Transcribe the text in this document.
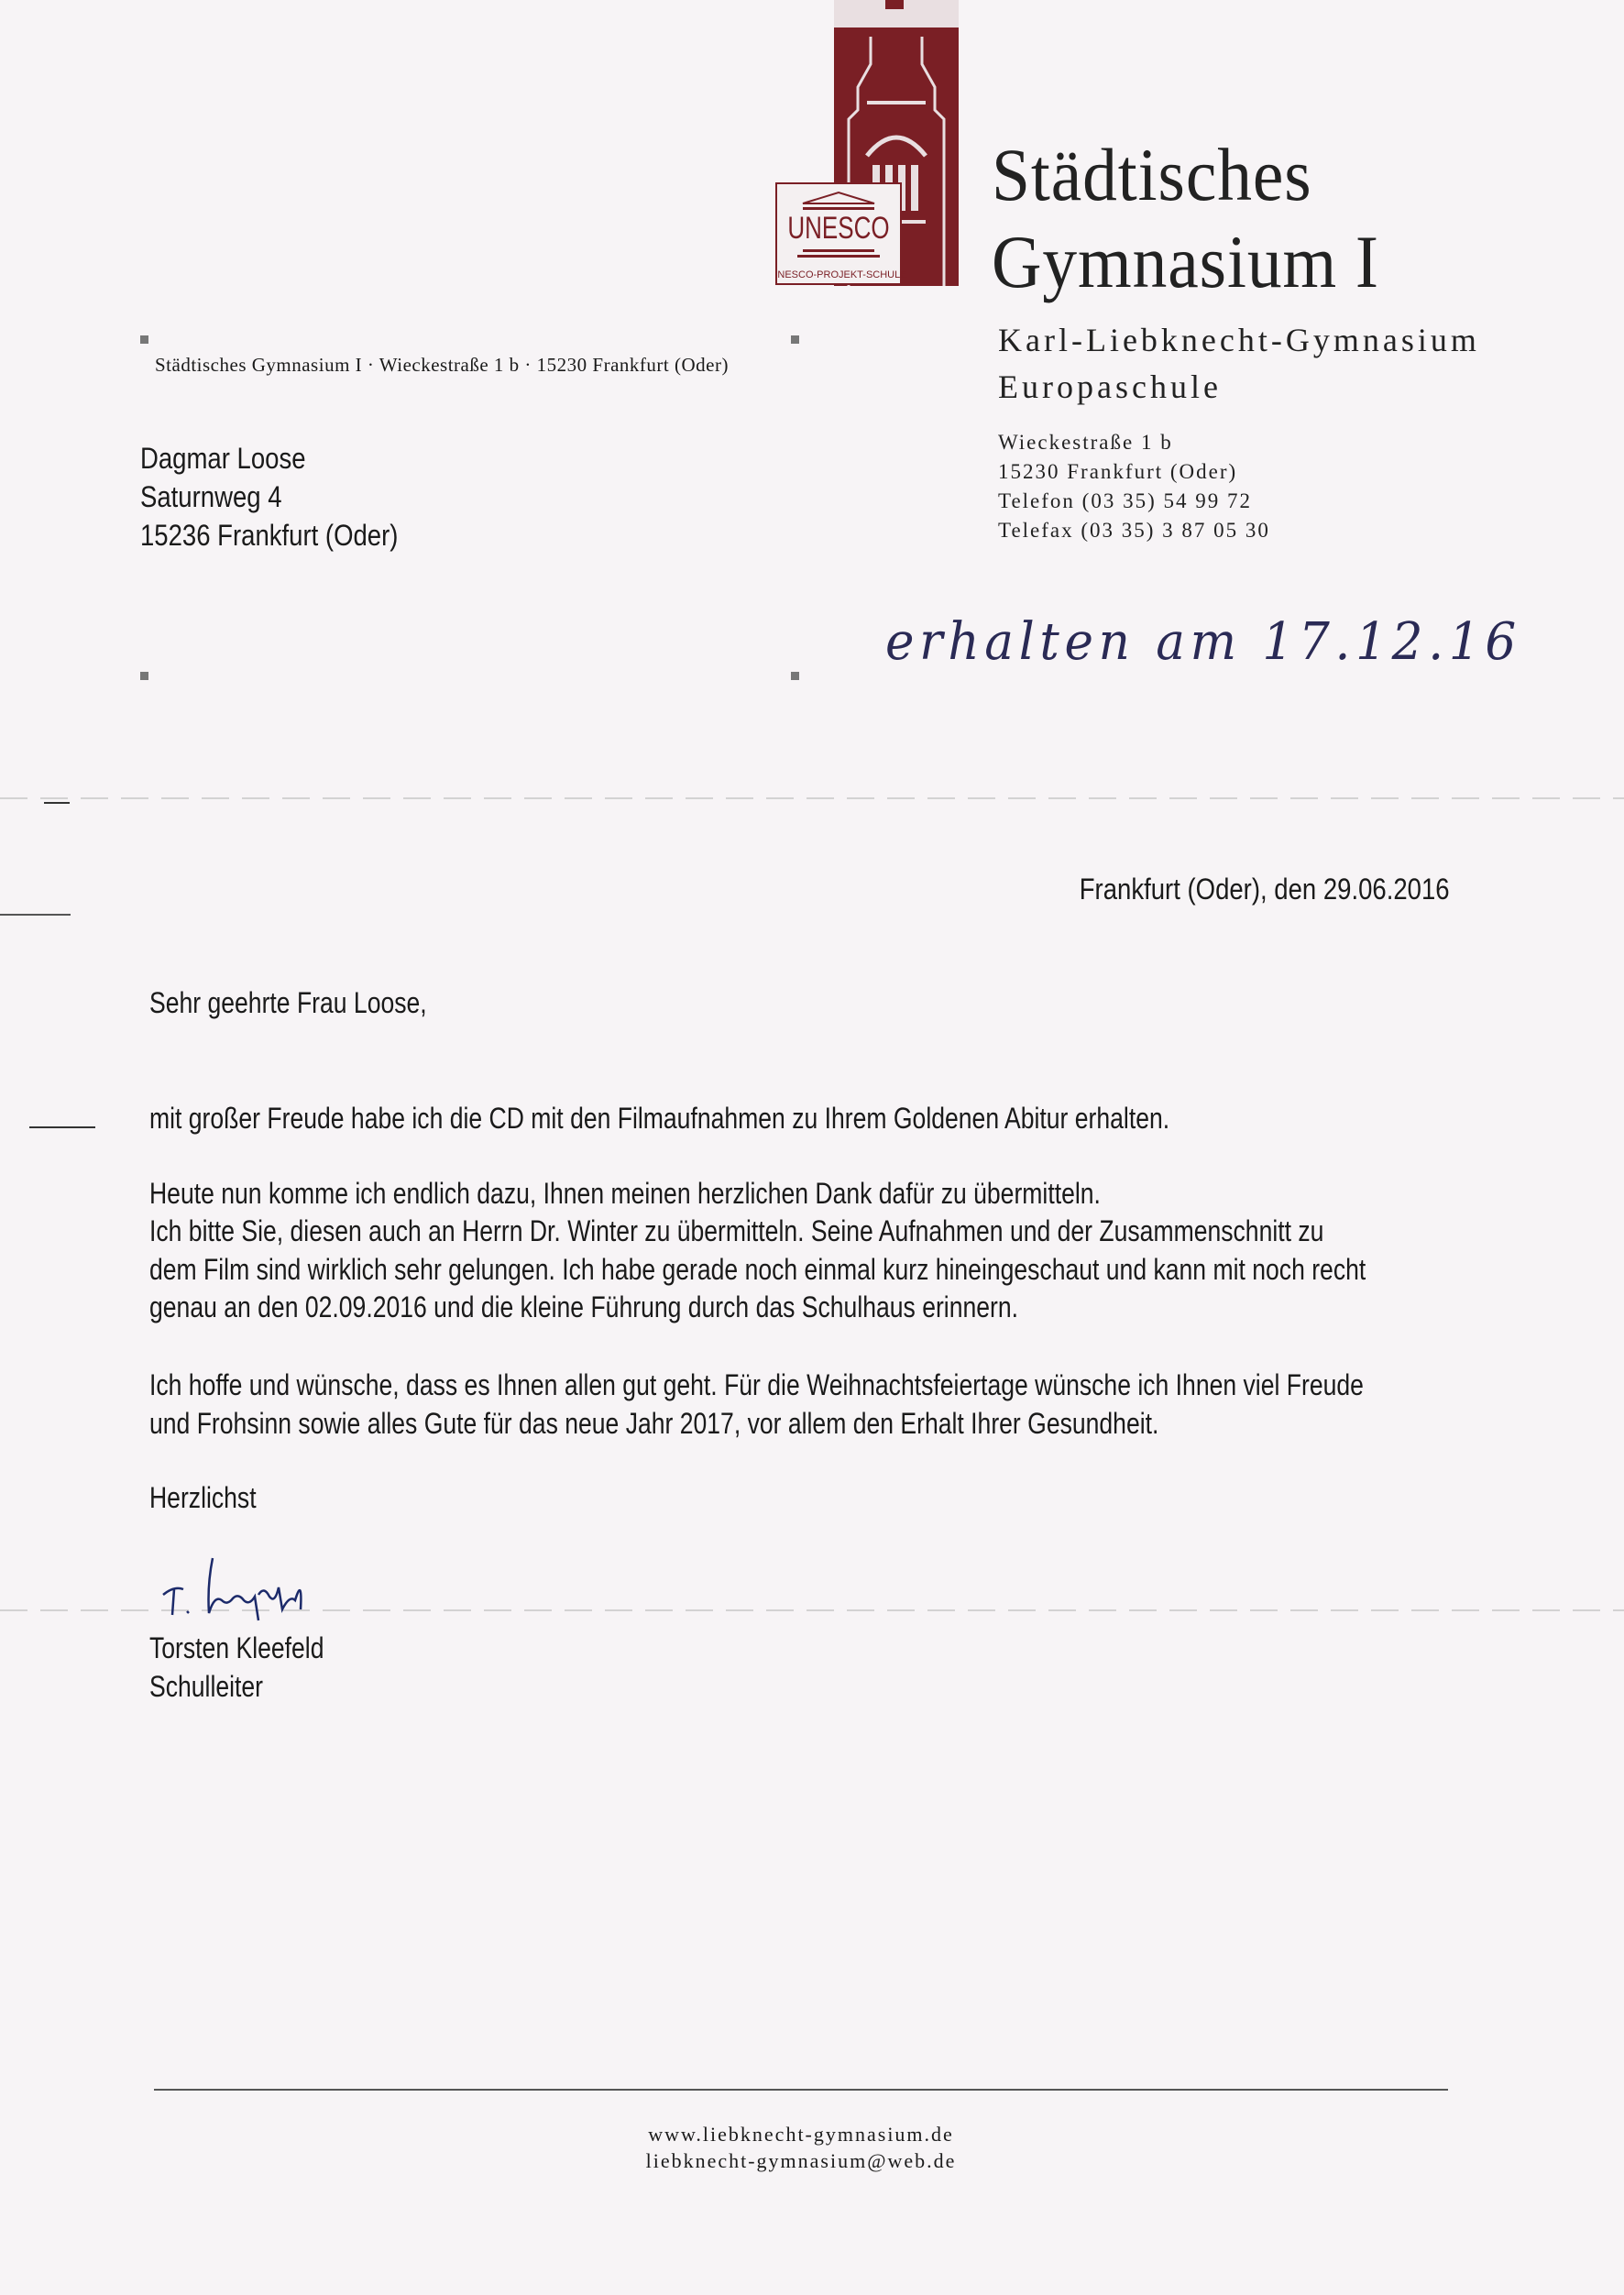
UNESCO
UNESCO-PROJEKT-SCHULE
Städtisches
Gymnasium I
Karl-Liebknecht-Gymnasium
Europaschule
Wieckestraße 1 b
15230 Frankfurt (Oder)
Telefon (03 35) 54 99 72
Telefax (03 35) 3 87 05 30
Städtisches Gymnasium I · Wieckestraße 1 b · 15230 Frankfurt (Oder)
Dagmar Loose
Saturnweg 4
15236 Frankfurt (Oder)
erhalten am 17.12.16
Frankfurt (Oder), den 29.06.2016
Sehr geehrte Frau Loose,
mit großer Freude habe ich die CD mit den Filmaufnahmen zu Ihrem Goldenen Abitur erhalten.
Heute nun komme ich endlich dazu, Ihnen meinen herzlichen Dank dafür zu übermitteln.
Ich bitte Sie, diesen auch an Herrn Dr. Winter zu übermitteln. Seine Aufnahmen und der Zusammenschnitt zu
dem Film sind wirklich sehr gelungen. Ich habe gerade noch einmal kurz hineingeschaut und kann mit noch recht
genau an den 02.09.2016 und die kleine Führung durch das Schulhaus erinnern.
Ich hoffe und wünsche, dass es Ihnen allen gut geht. Für die Weihnachtsfeiertage wünsche ich Ihnen viel Freude
und Frohsinn sowie alles Gute für das neue Jahr 2017, vor allem den Erhalt Ihrer Gesundheit.
Herzlichst
Torsten Kleefeld
Schulleiter
www.liebknecht-gymnasium.de
liebknecht-gymnasium@web.de
